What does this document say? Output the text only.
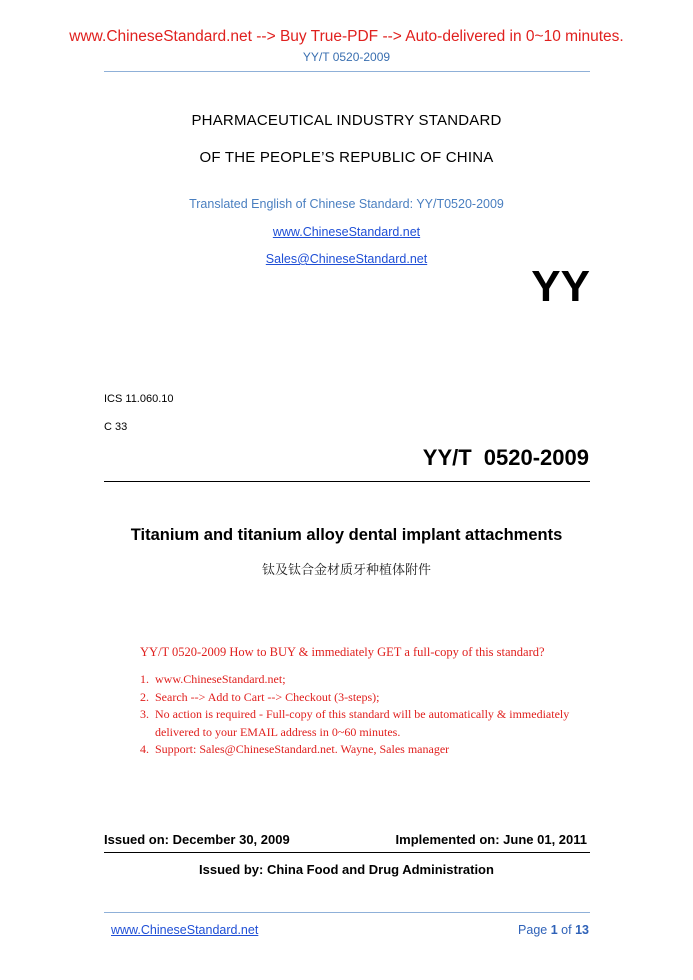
www.ChineseStandard.net --> Buy True-PDF --> Auto-delivered in 0~10 minutes.
YY/T 0520-2009
PHARMACEUTICAL INDUSTRY STANDARD
OF THE PEOPLE’S REPUBLIC OF CHINA
Translated English of Chinese Standard: YY/T0520-2009
www.ChineseStandard.net
Sales@ChineseStandard.net
YY
ICS 11.060.10
C 33
YY/T 0520-2009
Titanium and titanium alloy dental implant attachments
钛及钛合金材质牙种植体附件
YY/T 0520-2009 How to BUY & immediately GET a full-copy of this standard?
1. www.ChineseStandard.net;
2. Search --> Add to Cart --> Checkout (3-steps);
3. No action is required - Full-copy of this standard will be automatically & immediately delivered to your EMAIL address in 0~60 minutes.
4. Support: Sales@ChineseStandard.net. Wayne, Sales manager
Issued on: December 30, 2009	Implemented on: June 01, 2011
Issued by: China Food and Drug Administration
www.ChineseStandard.net	Page 1 of 13
